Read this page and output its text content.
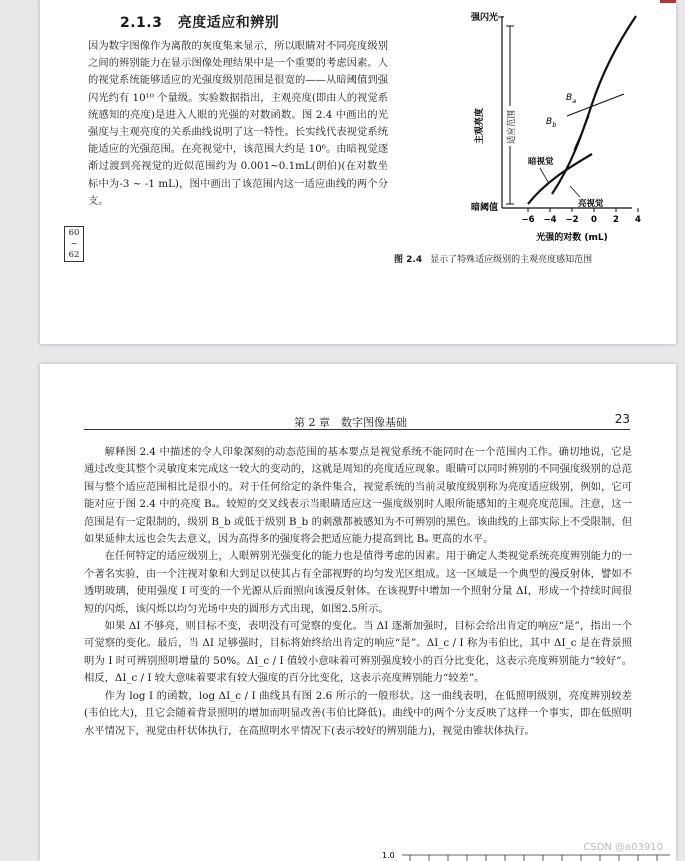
2.1.3 亮度适应和辨别
因为数字图像作为离散的灰度集来显示，所以眼睛对不同亮度级别之间的辨别能力在显示图像处理结果中是一个重要的考虑因素。人的视觉系统能够适应的光强度级别范围是很宽的——从暗阈值到强闪光约有 10¹⁰ 个量级。实验数据指出，主观亮度(即由人的视觉系统感知的亮度)是进入人眼的光强的对数函数。图 2.4 中画出的光强度与主观亮度的关系曲线说明了这一特性。长实线代表视觉系统能适应的光强范围。在亮视觉中，该范围大约是 10⁶。由暗视觉逐渐过渡到亮视觉的近似范围约为 0.001~0.1mL(朗伯)(在对数坐标中为-3 ~ -1 mL)，图中画出了该范围内这一适应曲线的两个分支。
60
~
62
强闪光
暗阈值
主观亮度	适应范围
$B_a$
$B_b$
暗视觉
亮视觉
−6 −4 −2 0 2 4
光强的对数 (mL)
图 2.4 显示了特殊适应级别的主观亮度感知范围
第 2 章　数字图像基础	23

解释图 2.4 中描述的令人印象深刻的动态范围的基本要点是视觉系统不能同时在一个范围内工作。确切地说，它是通过改变其整个灵敏度来完成这一较大的变动的，这就是周知的亮度适应现象。眼睛可以同时辨别的不同强度级别的总范围与整个适应范围相比是很小的。对于任何给定的条件集合，视觉系统的当前灵敏度级别称为亮度适应级别，例如，它可能对应于图 2.4 中的亮度 Bₐ。较短的交叉线表示当眼睛适应这一强度级别时人眼所能感知的主观亮度范围。注意，这一范围是有一定限制的，级别 B_b 或低于级别 B_b 的刺激都被感知为不可辨别的黑色。该曲线的上部实际上不受限制，但如果延伸太远也会失去意义，因为高得多的强度将会把适应能力提高到比 Bₐ 更高的水平。

在任何特定的适应级别上，人眼辨别光强变化的能力也是值得考虑的因素。用于确定人类视觉系统亮度辨别能力的一个著名实验，由一个注视对象和大到足以使其占有全部视野的均匀发光区组成。这一区域是一个典型的漫反射体，譬如不透明玻璃，使用强度 I 可变的一个光源从后面照向该漫反射体。在该视野中增加一个照射分量 ΔI，形成一个持续时间很短的闪烁，该闪烁以均匀光场中央的圆形方式出现，如图2.5所示。

如果 ΔI 不够亮，则目标不变，表明没有可觉察的变化。当 ΔI 逐渐加强时，目标会给出肯定的响应“是”，指出一个可觉察的变化。最后，当 ΔI 足够强时，目标将始终给出肯定的响应“是”。ΔI_c / I 称为韦伯比，其中 ΔI_c 是在背景照明为 I 时可辨别照明增量的 50%。ΔI_c / I 值较小意味着可辨别强度较小的百分比变化，这表示亮度辨别能力“较好”。相反，ΔI_c / I 较大意味着要求有较大强度的百分比变化，这表示亮度辨别能力“较差”。

作为 log I 的函数，log ΔI_c / I 曲线具有图 2.6 所示的一般形状。这一曲线表明，在低照明级别，亮度辨别较差(韦伯比大)，且它会随着背景照明的增加而明显改善(韦伯比降低)。曲线中的两个分支反映了这样一个事实，即在低照明水平情况下，视觉由杆状体执行，在高照明水平情况下(表示较好的辨别能力)，视觉由锥状体执行。

1.0
CSDN @a03910
